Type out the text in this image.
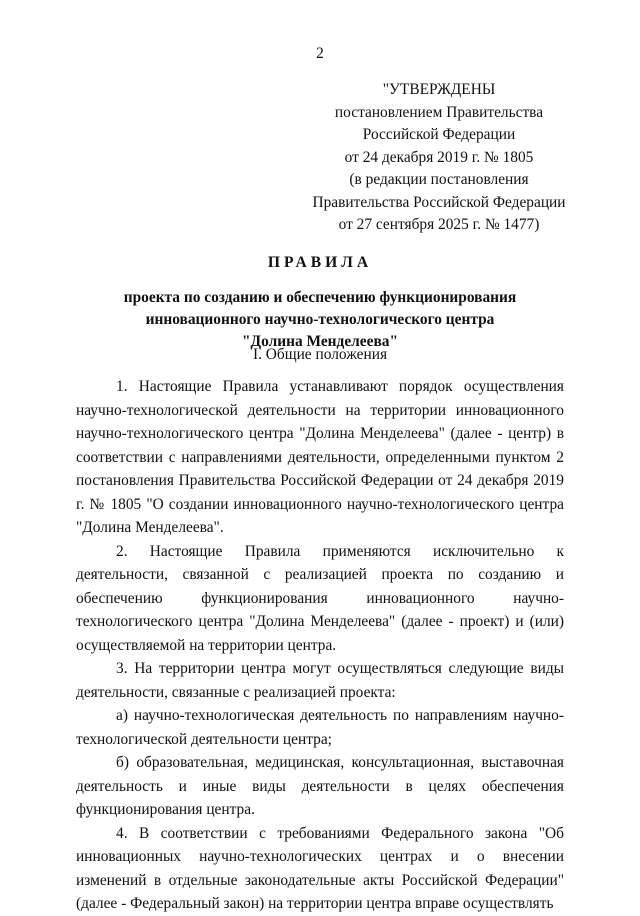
2
"УТВЕРЖДЕНЫ
постановлением Правительства
Российской Федерации
от 24 декабря 2019 г. № 1805
(в редакции постановления
Правительства Российской Федерации
от 27 сентября 2025 г. № 1477)
ПРАВИЛА
проекта по созданию и обеспечению функционирования
инновационного научно-технологического центра
"Долина Менделеева"
I. Общие положения

1. Настоящие Правила устанавливают порядок осуществления научно-технологической деятельности на территории инновационного научно-технологического центра "Долина Менделеева" (далее - центр) в соответствии с направлениями деятельности, определенными пунктом 2 постановления Правительства Российской Федерации от 24 декабря 2019 г. № 1805 "О создании инновационного научно-технологического центра "Долина Менделеева".

2. Настоящие Правила применяются исключительно к деятельности, связанной с реализацией проекта по созданию и обеспечению функционирования инновационного научно-технологического центра "Долина Менделеева" (далее - проект) и (или) осуществляемой на территории центра.

3. На территории центра могут осуществляться следующие виды деятельности, связанные с реализацией проекта:

а) научно-технологическая деятельность по направлениям научно-технологической деятельности центра;

б) образовательная, медицинская, консультационная, выставочная деятельность и иные виды деятельности в целях обеспечения функционирования центра.

4. В соответствии с требованиями Федерального закона "Об инновационных научно-технологических центрах и о внесении изменений в отдельные законодательные акты Российской Федерации" (далее - Федеральный закон) на территории центра вправе осуществлять
